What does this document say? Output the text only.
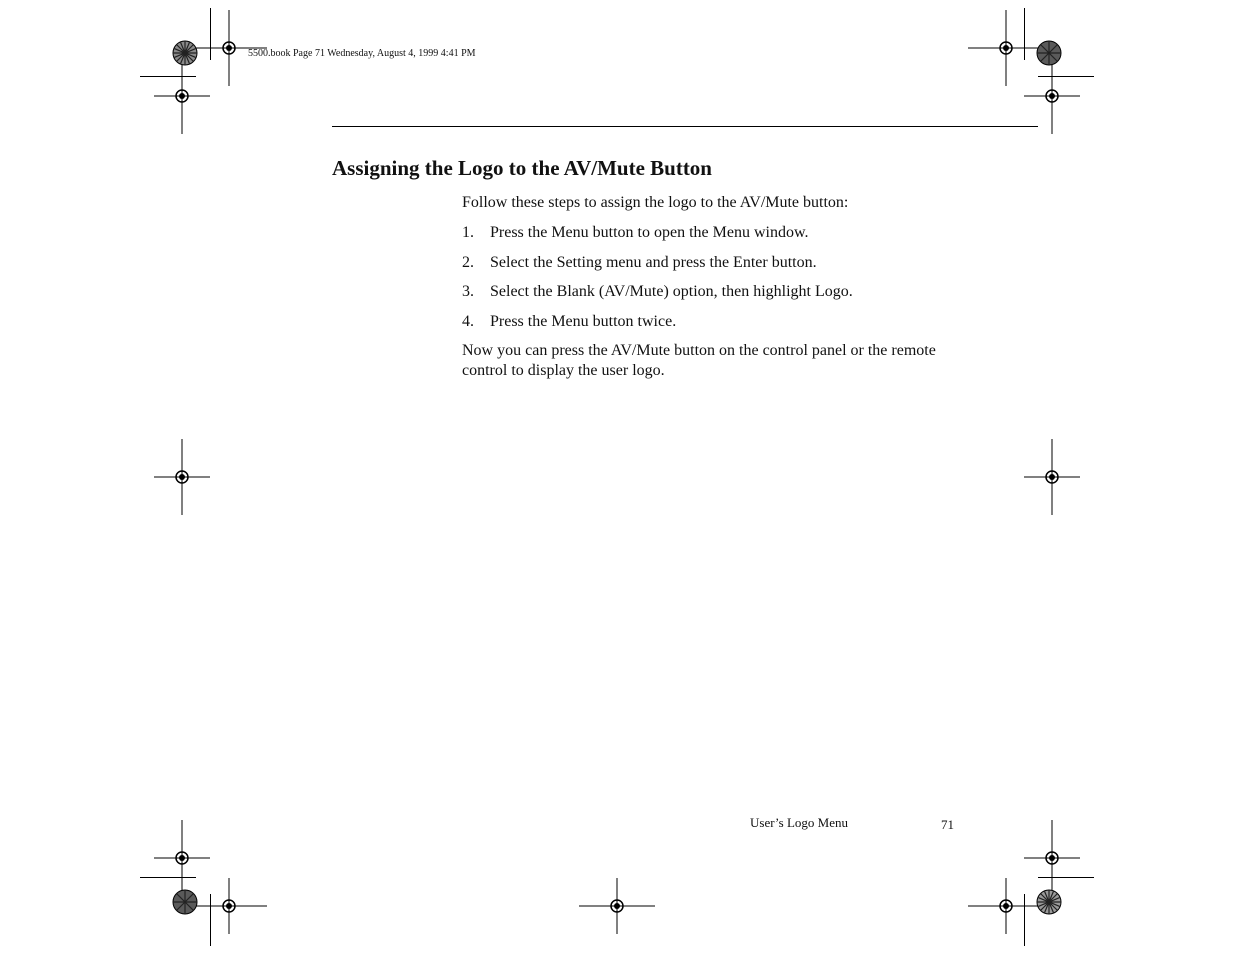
5500.book Page 71 Wednesday, August 4, 1999 4:41 PM
Assigning the Logo to the AV/Mute Button
Follow these steps to assign the logo to the AV/Mute button:
1.	Press the Menu button to open the Menu window.
2.	Select the Setting menu and press the Enter button.
3.	Select the Blank (AV/Mute) option, then highlight Logo.
4.	Press the Menu button twice.
Now you can press the AV/Mute button on the control panel or the remote control to display the user logo.
User’s Logo Menu	71
